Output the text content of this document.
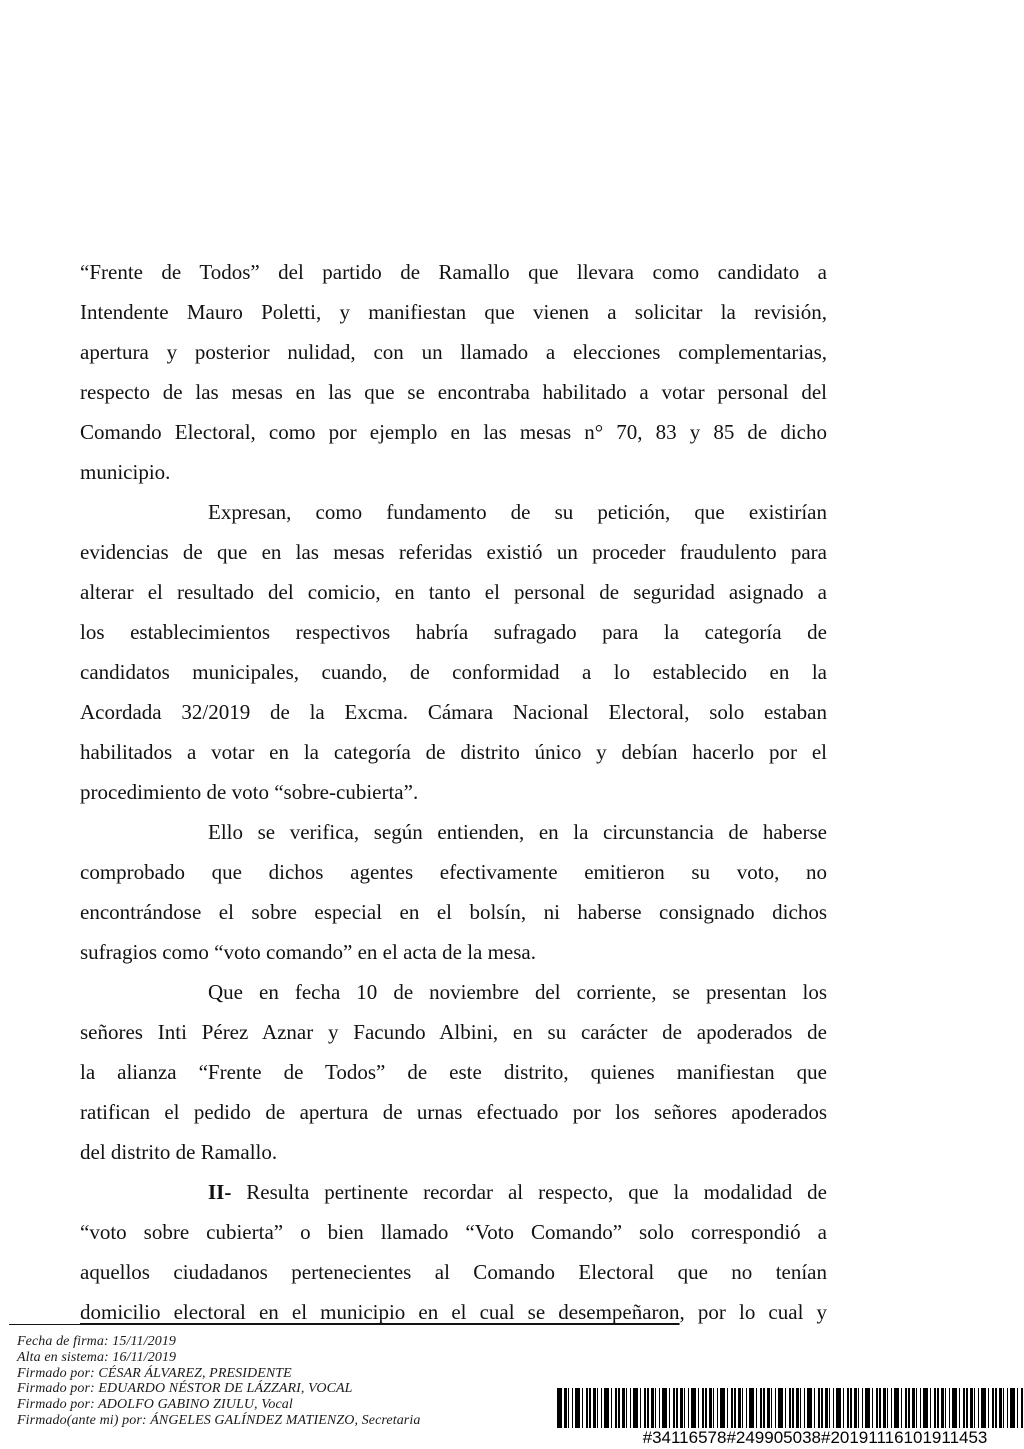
“Frente de Todos” del partido de Ramallo que llevara como candidato a
Intendente Mauro Poletti, y manifiestan que vienen a solicitar la revisión,
apertura y posterior nulidad, con un llamado a elecciones complementarias,
respecto de las mesas en las que se encontraba habilitado a votar personal del
Comando Electoral, como por ejemplo en las mesas n° 70, 83 y 85 de dicho
municipio.
Expresan, como fundamento de su petición, que existirían
evidencias de que en las mesas referidas existió un proceder fraudulento para
alterar el resultado del comicio, en tanto el personal de seguridad asignado a
los establecimientos respectivos habría sufragado para la categoría de
candidatos municipales, cuando, de conformidad a lo establecido en la
Acordada 32/2019 de la Excma. Cámara Nacional Electoral, solo estaban
habilitados a votar en la categoría de distrito único y debían hacerlo por el
procedimiento de voto “sobre-cubierta”.
Ello se verifica, según entienden, en la circunstancia de haberse
comprobado que dichos agentes efectivamente emitieron su voto, no
encontrándose el sobre especial en el bolsín, ni haberse consignado dichos
sufragios como “voto comando” en el acta de la mesa.
Que en fecha 10 de noviembre del corriente, se presentan los
señores Inti Pérez Aznar y Facundo Albini, en su carácter de apoderados de
la alianza “Frente de Todos” de este distrito, quienes manifiestan que
ratifican el pedido de apertura de urnas efectuado por los señores apoderados
del distrito de Ramallo.
II- Resulta pertinente recordar al respecto, que la modalidad de
“voto sobre cubierta” o bien llamado “Voto Comando” solo correspondió a
aquellos ciudadanos pertenecientes al Comando Electoral que no tenían
domicilio electoral en el municipio en el cual se desempeñaron, por lo cual y
Fecha de firma: 15/11/2019
Alta en sistema: 16/11/2019
Firmado por: CÉSAR ÁLVAREZ, PRESIDENTE
Firmado por: EDUARDO NÉSTOR DE LÁZZARI, VOCAL
Firmado por: ADOLFO GABINO ZIULU, Vocal
Firmado(ante mi) por: ÁNGELES GALÍNDEZ MATIENZO, Secretaria
#34116578#249905038#20191116101911453
